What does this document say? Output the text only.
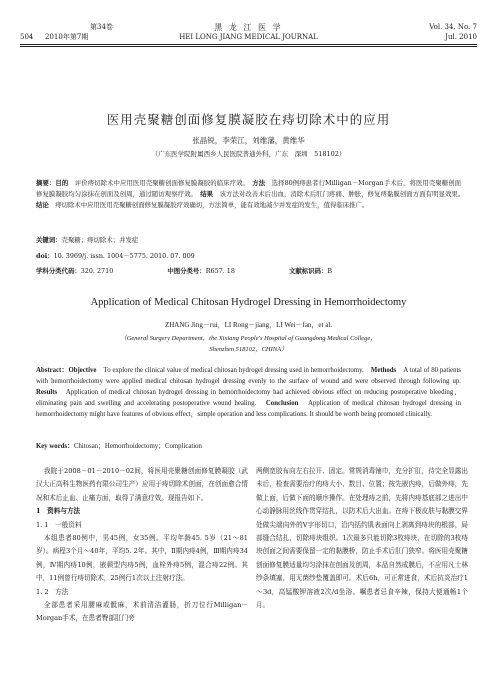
第34卷	黑 龙 江 医 学	Vol. 34, No. 7
504 2010年第7期	HEI LONG JIANG MEDICAL JOURNAL	Jul. 2010
医用壳聚糖创面修复膜凝胶在痔切除术中的应用
张晶锐，李荣江，刘维藩，黄维华
（广东医学院附属西乡人民医院普通外科，广东　深圳　518102）
摘要：目的　 评价痔切除术中应用医用壳聚糖创面修复膜凝胶的临床疗效。　 方法　 选择80例痔患者行Milligan－Morgan手术后，将医用壳聚糖创面修复膜凝胶均匀涂抹在创面及创周，通过随访观察疗效。　 结果　 该方法对改善术后出血，消除术后肛门疼痛、肿胀，修复痔黏膜创面方面有明显效果。　结论　 痔切除术中应用医用壳聚糖创面修复膜凝胶疗效确切，方法简单，能有效地减少并发症的发生，值得临床推广。
关键词：壳聚糖；痔切除术；并发症
doi：10. 3969/j. issn. 1004－5775. 2010. 07. 009
学科分类代码：320. 2710	中图分类号：R657. 18	文献标识码：B
Application of Medical Chitosan Hydrogel Dressing in Hemorrhoidectomy
ZHANG Jing－rui，LI Rong－jiang，LI Wei－fan，et al.
（General Surgery Department，the Xixiang People's Hospital of Guangdong Medical College，
Shenzhen 518102，CHINA）
Abstract：Objective　 To explore the clinical value of medical chitosan hydrogel dressing used in hemorrhoidectomy.　 Methods　 A total of 80 patients with hemorrhoidectomy were applied medical chitosan hydrogel dressing evenly to the surface of wound and were observed through following up.　Results　 Application of medical chitosan hydrogel dressing in hemorrhoidectomy had achieved obvious effect on reducing postoperative bleeding，eliminating pain and swelling and accelerating postoperative wound healing.　 Conclusion　 Application of medical chitosan hydrogel dressing in hemorrhoidectomy might have features of obvious effect，simple operation and less complications. It should be worth being promoted clinically.
Key words：Chitosan；Hemorrhoidectomy；Complication

我院于2008－01－2010－02间，将医用壳聚糖创面修复膜凝胶（武汉大正高科生物医药有限公司生产）应用于痔切除术创面，在创面愈合情况和术后止血、止痛方面，取得了满意疗效。现报告如下。

1　资料与方法

1. 1　一般资料

本组患者80例中，男45例，女35例。平均年龄45. 5岁（21～81岁）。病程3个月～40年，平均5. 2年。其中，Ⅱ期内痔4例，Ⅲ期内痔34例，Ⅳ期内痔10例，嵌顿型内痔5例，血栓外痔5例，混合痔22例。其中，11例曾行痔切除术，25例行1次以上注射疗法。

1. 2　方法

全部患者采用腰麻或骶麻，术前清洁灌肠，折刀位行Milligan－Morgan手术，在患者臀部肛门旁

两侧宽胶布向左右拉开、固定。常规消毒铺巾，充分扩肛，待完全显露出未后，检查需要治疗的痔大小、数目、位置；按先嵌内痔，后做外痔，先做上面，后做下面的顺序操作。在处理痔之前，先将内痔基底部之进出中心动静脉用丝线作贯穿结扎，以防术后大出血。在痔下极皮肤与黏膜交界处做尖端向外的V字形切口，沿内括约肌表面向上剥离到痔块的根部，局部缝合结扎，切除痔块组织。1次最多只能切除3枚痔块，在切除的3枚痔块创面之间需要保留一定的黏膜桥，防止手术后肛门狭窄。将医用壳聚糖创面修复膜适量均匀涂抹在创面及创周，本品自然成膜后，不应用凡士林纱条填塞，用无菌纱垫覆盖即可。术后6h，可正常进食，术后抗炎治疗1～3d，高锰酸钾溶液2次/d坐浴。嘱患者忌食辛辣，保持大便通畅1个月。
